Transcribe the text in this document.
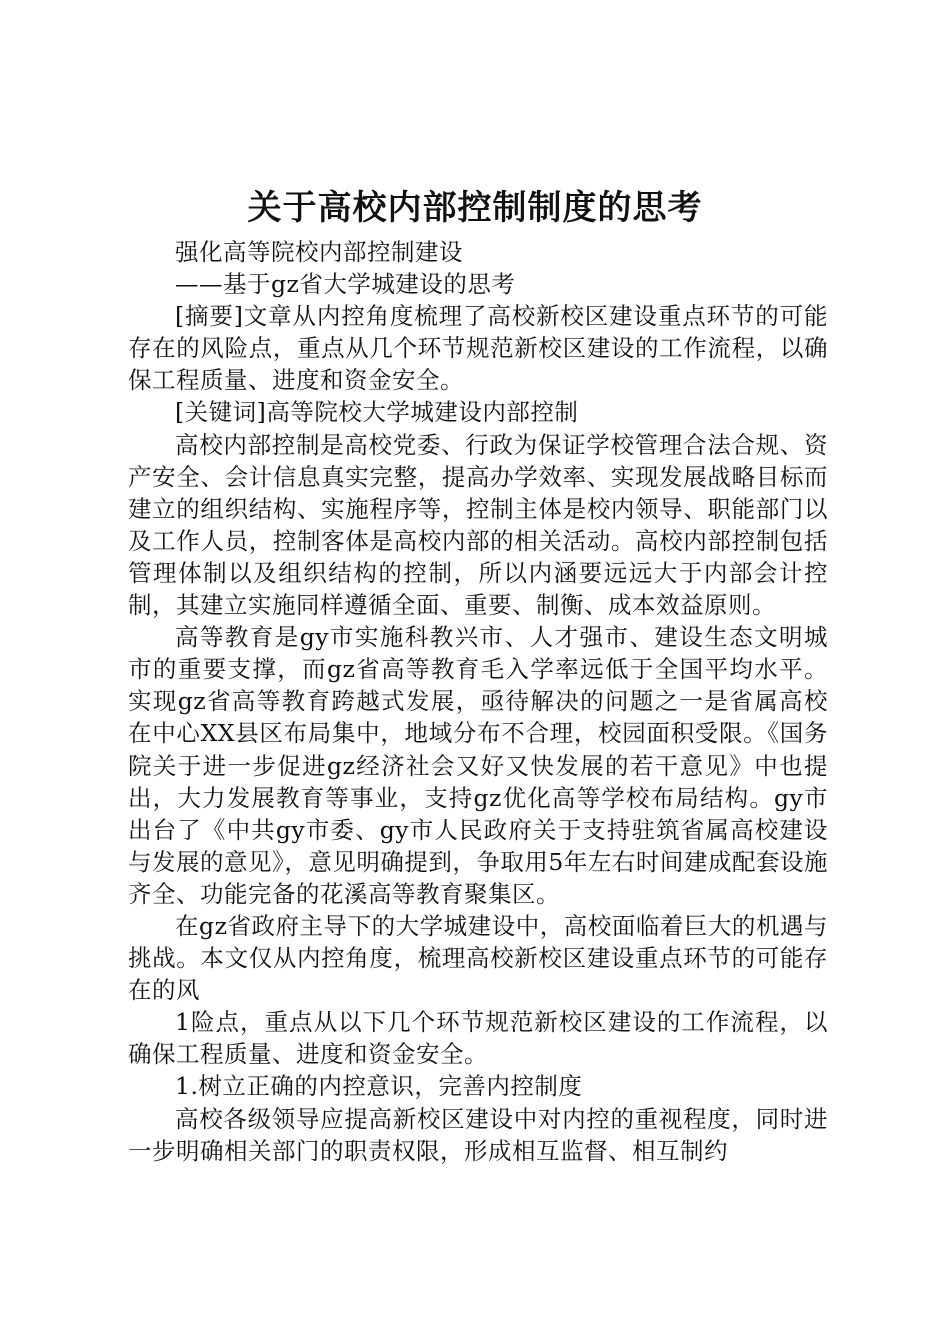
关于高校内部控制制度的思考

强化高等院校内部控制建设

——基于gz省大学城建设的思考

[摘要]文章从内控角度梳理了高校新校区建设重点环节的可能存在的风险点，重点从几个环节规范新校区建设的工作流程，以确保工程质量、进度和资金安全。

[关键词]高等院校大学城建设内部控制

高校内部控制是高校党委、行政为保证学校管理合法合规、资产安全、会计信息真实完整，提高办学效率、实现发展战略目标而建立的组织结构、实施程序等，控制主体是校内领导、职能部门以及工作人员，控制客体是高校内部的相关活动。高校内部控制包括管理体制以及组织结构的控制，所以内涵要远远大于内部会计控制，其建立实施同样遵循全面、重要、制衡、成本效益原则。

高等教育是gy市实施科教兴市、人才强市、建设生态文明城市的重要支撑，而gz省高等教育毛入学率远低于全国平均水平。实现gz省高等教育跨越式发展，亟待解决的问题之一是省属高校在中心XX县区布局集中，地域分布不合理，校园面积受限。《国务院关于进一步促进gz经济社会又好又快发展的若干意见》中也提出，大力发展教育等事业，支持gz优化高等学校布局结构。gy市出台了《中共gy市委、gy市人民政府关于支持驻筑省属高校建设与发展的意见》，意见明确提到，争取用5年左右时间建成配套设施齐全、功能完备的花溪高等教育聚集区。

在gz省政府主导下的大学城建设中，高校面临着巨大的机遇与挑战。本文仅从内控角度，梳理高校新校区建设重点环节的可能存在的风

1险点，重点从以下几个环节规范新校区建设的工作流程，以确保工程质量、进度和资金安全。

1.树立正确的内控意识，完善内控制度

高校各级领导应提高新校区建设中对内控的重视程度，同时进一步明确相关部门的职责权限，形成相互监督、相互制约
